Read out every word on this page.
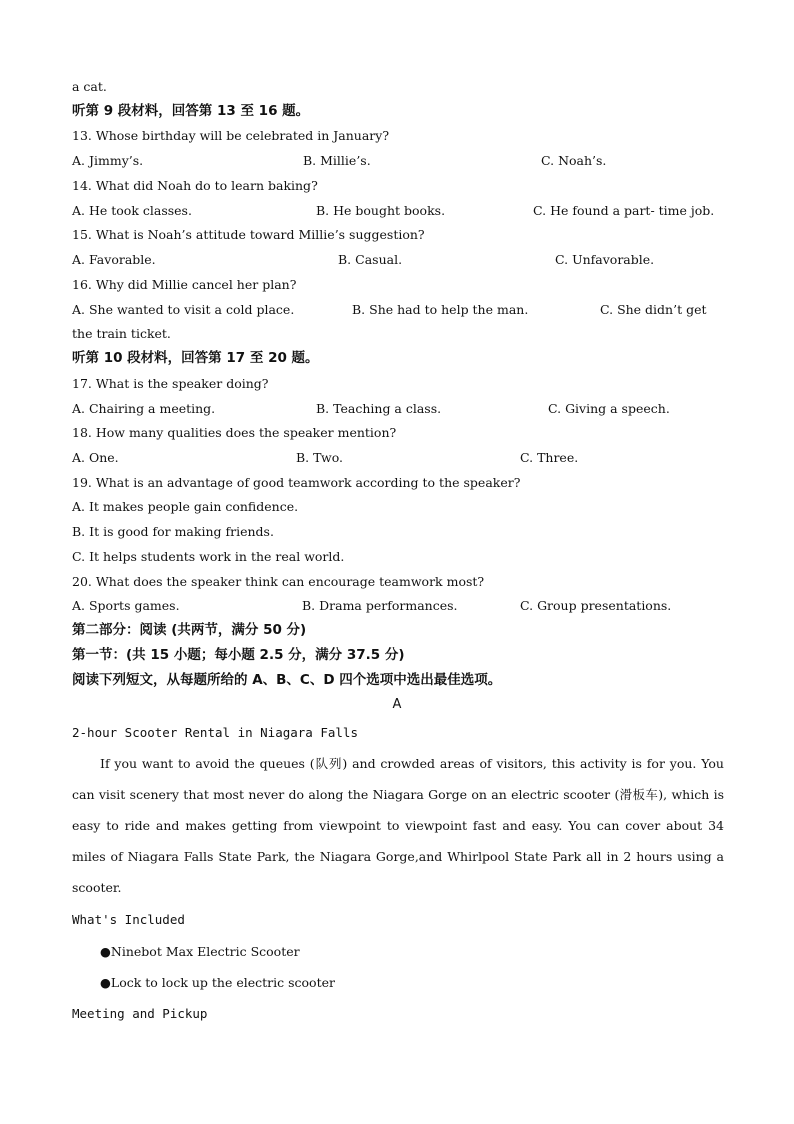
a cat.
听第 9 段材料，回答第 13 至 16 题。
13. Whose birthday will be celebrated in January?
A. Jimmy’s.	B. Millie’s.	C. Noah’s.
14. What did Noah do to learn baking?
A. He took classes.	B. He bought books.	C. He found a part- time job.
15. What is Noah’s attitude toward Millie’s suggestion?
A. Favorable.	B. Casual.	C. Unfavorable.
16. Why did Millie cancel her plan?
A. She wanted to visit a cold place.	B. She had to help the man.	C. She didn’t get
the train ticket.
听第 10 段材料，回答第 17 至 20 题。
17. What is the speaker doing?
A. Chairing a meeting.	B. Teaching a class.	C. Giving a speech.
18. How many qualities does the speaker mention?
A. One.	B. Two.	C. Three.
19. What is an advantage of good teamwork according to the speaker?
A. It makes people gain confidence.
B. It is good for making friends.
C. It helps students work in the real world.
20. What does the speaker think can encourage teamwork most?
A. Sports games.	B. Drama performances.	C. Group presentations.
第二部分：阅读 (共两节，满分 50 分)
第一节：(共 15 小题；每小题 2.5 分，满分 37.5 分)
阅读下列短文，从每题所给的 A、B、C、D 四个选项中选出最佳选项。
A
2-hour Scooter Rental in Niagara Falls

If you want to avoid the queues (队列) and crowded areas of visitors, this activity is for you. You can visit scenery that most never do along the Niagara Gorge on an electric scooter (滑板车), which is easy to ride and makes getting from viewpoint to viewpoint fast and easy. You can cover about 34 miles of Niagara Falls State Park, the Niagara Gorge,and Whirlpool State Park all in 2 hours using a scooter.

What's Included
●Ninebot Max Electric Scooter
●Lock to lock up the electric scooter
Meeting and Pickup
